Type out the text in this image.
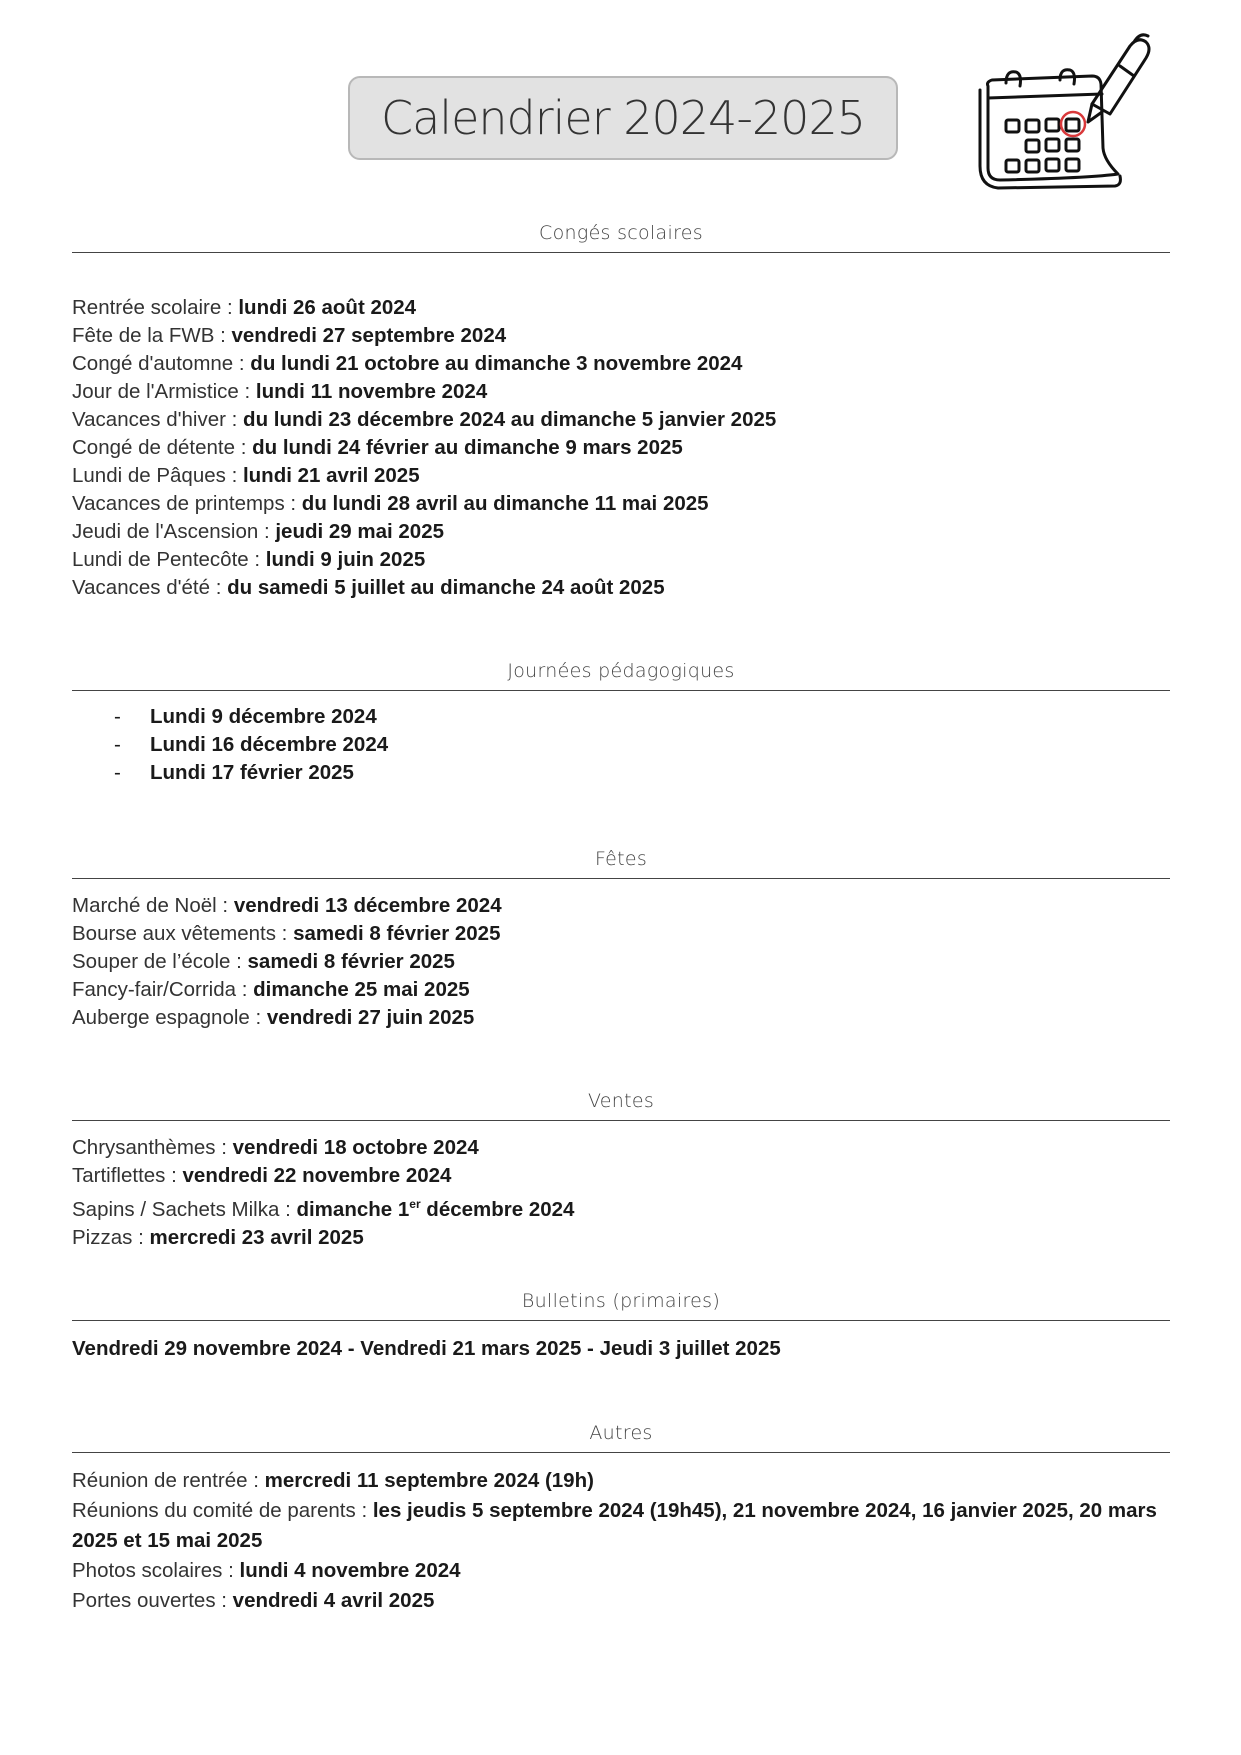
Calendrier 2024-2025
Congés scolaires
Rentrée scolaire : lundi 26 août 2024
Fête de la FWB : vendredi 27 septembre 2024
Congé d'automne : du lundi 21 octobre au dimanche 3 novembre 2024
Jour de l'Armistice : lundi 11 novembre 2024
Vacances d'hiver : du lundi 23 décembre 2024 au dimanche 5 janvier 2025
Congé de détente : du lundi 24 février au dimanche 9 mars 2025
Lundi de Pâques : lundi 21 avril 2025
Vacances de printemps : du lundi 28 avril au dimanche 11 mai 2025
Jeudi de l'Ascension : jeudi 29 mai 2025
Lundi de Pentecôte : lundi 9 juin 2025
Vacances d'été : du samedi 5 juillet au dimanche 24 août 2025
Journées pédagogiques
- Lundi 9 décembre 2024
- Lundi 16 décembre 2024
- Lundi 17 février 2025
Fêtes
Marché de Noël : vendredi 13 décembre 2024
Bourse aux vêtements : samedi 8 février 2025
Souper de l’école : samedi 8 février 2025
Fancy-fair/Corrida : dimanche 25 mai 2025
Auberge espagnole : vendredi 27 juin 2025
Ventes
Chrysanthèmes : vendredi 18 octobre 2024
Tartiflettes : vendredi 22 novembre 2024
Sapins / Sachets Milka : dimanche 1er décembre 2024
Pizzas : mercredi 23 avril 2025
Bulletins (primaires)
Vendredi 29 novembre 2024 - Vendredi 21 mars 2025 - Jeudi 3 juillet 2025
Autres
Réunion de rentrée : mercredi 11 septembre 2024 (19h)
Réunions du comité de parents : les jeudis 5 septembre 2024 (19h45), 21 novembre 2024, 16 janvier 2025, 20 mars 2025 et 15 mai 2025
Photos scolaires : lundi 4 novembre 2024
Portes ouvertes : vendredi 4 avril 2025
